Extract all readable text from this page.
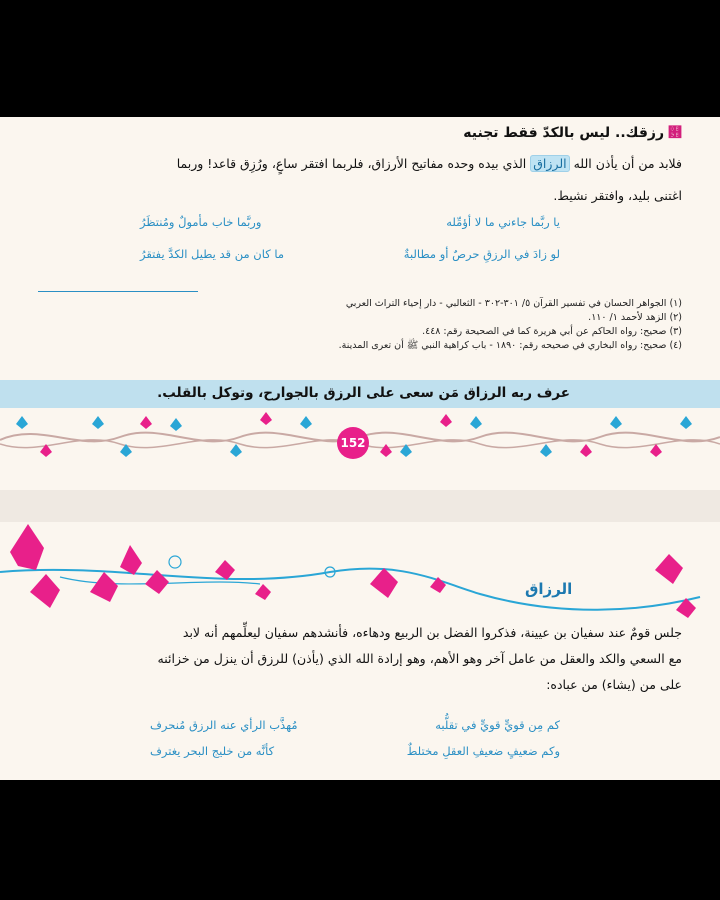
଻رزقك.. ليس بالكدّ فقط تجنيه
فلابد من أن يأذن الله الرزاق الذي بيده وحده مفاتيح الأرزاق، فلربما افتقر ساعٍ، ورُزِق قاعد! وربما
اغتنى بليد، وافتقر نشيط.
يا ربَّما جاءني ما لا أؤمِّله
وربَّما خاب مأمولٌ ومُنتظَرُ
لو زادَ في الرزقِ حرصٌ أو مطالبةٌ
ما كان من قد يطيل الكدَّ يفتقرُ
(١) الجواهر الحسان في تفسير القرآن ٥/ ٣٠١-٣٠٢ - الثعالبي - دار إحياء التراث العربي
(٢) الزهد لأحمد ١/ ١١٠.
(٣) صحيح: رواه الحاكم عن أبي هريرة كما في الصحيحة رقم: ٤٤٨.
(٤) صحيح: رواه البخاري في صحيحه رقم: ١٨٩٠ - باب كراهية النبي ﷺ أن تعرى المدينة.
عرف ربه الرزاق مَن سعى على الرزق بالجوارح، وتوكل بالقلب.
152
الرزاق
جلس قومٌ عند سفيان بن عيينة، فذكروا الفضل بن الربيع ودهاءه، فأنشدهم سفيان ليعلِّمهم أنه لابد
مع السعي والكد والعقل من عامل آخر وهو الأهم، وهو إرادة الله الذي (يأذن) للرزق أن ينزل من خزائنه
على من (يشاء) من عباده:
كم مِن قويٍّ قويٍّ في تقلُّبه
مُهذَّب الرأي عنه الرزق مُنحرف
وكم ضعيفٍ ضعيفِ العقلِ مختلطٌ
كأنَّه من خليج البحر يغترف
